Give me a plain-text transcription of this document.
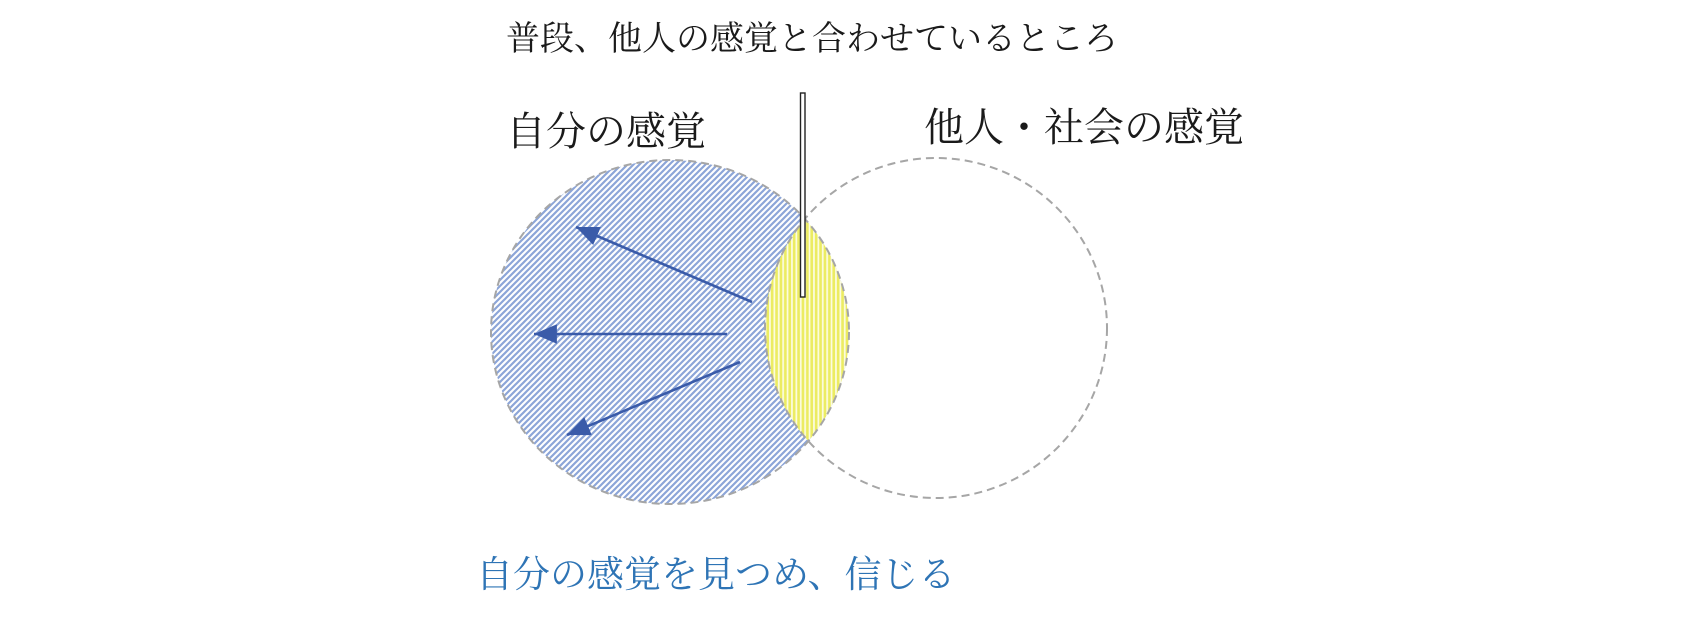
普段、他人の感覚と合わせているところ
自分の感覚	他人・社会の感覚
自分の感覚を見つめ、信じる
